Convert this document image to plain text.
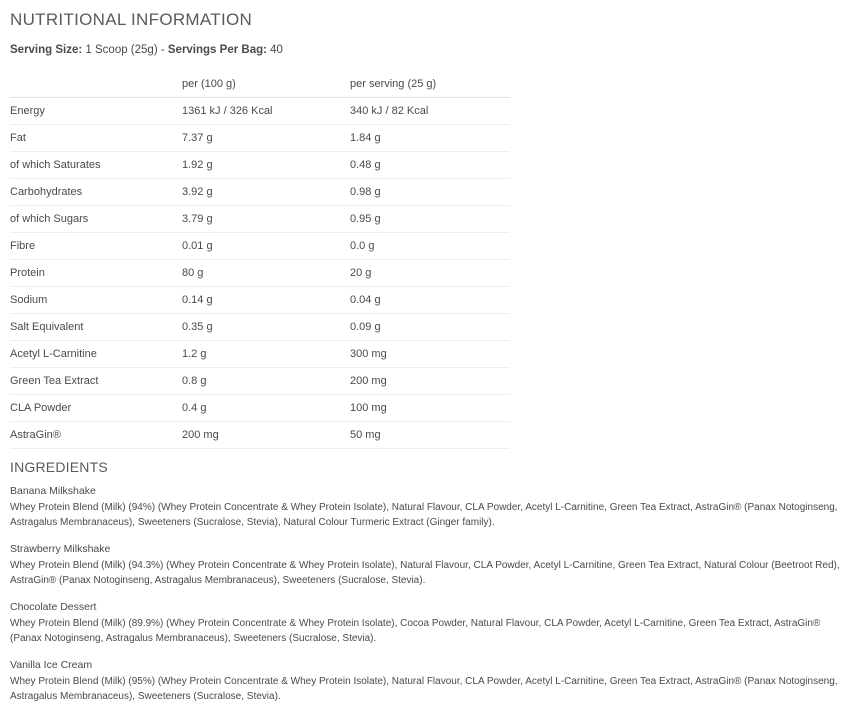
NUTRITIONAL INFORMATION
Serving Size: 1 Scoop (25g) - Servings Per Bag: 40
	per (100 g)	per serving (25 g)
Energy	1361 kJ / 326 Kcal	340 kJ / 82 Kcal
Fat	7.37 g	1.84 g
of which Saturates	1.92 g	0.48 g
Carbohydrates	3.92 g	0.98 g
of which Sugars	3.79 g	0.95 g
Fibre	0.01 g	0.0 g
Protein	80 g	20 g
Sodium	0.14 g	0.04 g
Salt Equivalent	0.35 g	0.09 g
Acetyl L-Carnitine	1.2 g	300 mg
Green Tea Extract	0.8 g	200 mg
CLA Powder	0.4 g	100 mg
AstraGin®	200 mg	50 mg
INGREDIENTS
Banana Milkshake
Whey Protein Blend (Milk) (94%) (Whey Protein Concentrate & Whey Protein Isolate), Natural Flavour, CLA Powder, Acetyl L-Carnitine, Green Tea Extract, AstraGin® (Panax Notoginseng, Astragalus Membranaceus), Sweeteners (Sucralose, Stevia), Natural Colour Turmeric Extract (Ginger family).
Strawberry Milkshake
Whey Protein Blend (Milk) (94.3%) (Whey Protein Concentrate & Whey Protein Isolate), Natural Flavour, CLA Powder, Acetyl L-Carnitine, Green Tea Extract, Natural Colour (Beetroot Red), AstraGin® (Panax Notoginseng, Astragalus Membranaceus), Sweeteners (Sucralose, Stevia).
Chocolate Dessert
Whey Protein Blend (Milk) (89.9%) (Whey Protein Concentrate & Whey Protein Isolate), Cocoa Powder, Natural Flavour, CLA Powder, Acetyl L-Carnitine, Green Tea Extract, AstraGin® (Panax Notoginseng, Astragalus Membranaceus), Sweeteners (Sucralose, Stevia).
Vanilla Ice Cream
Whey Protein Blend (Milk) (95%) (Whey Protein Concentrate & Whey Protein Isolate), Natural Flavour, CLA Powder, Acetyl L-Carnitine, Green Tea Extract, AstraGin® (Panax Notoginseng, Astragalus Membranaceus), Sweeteners (Sucralose, Stevia).
